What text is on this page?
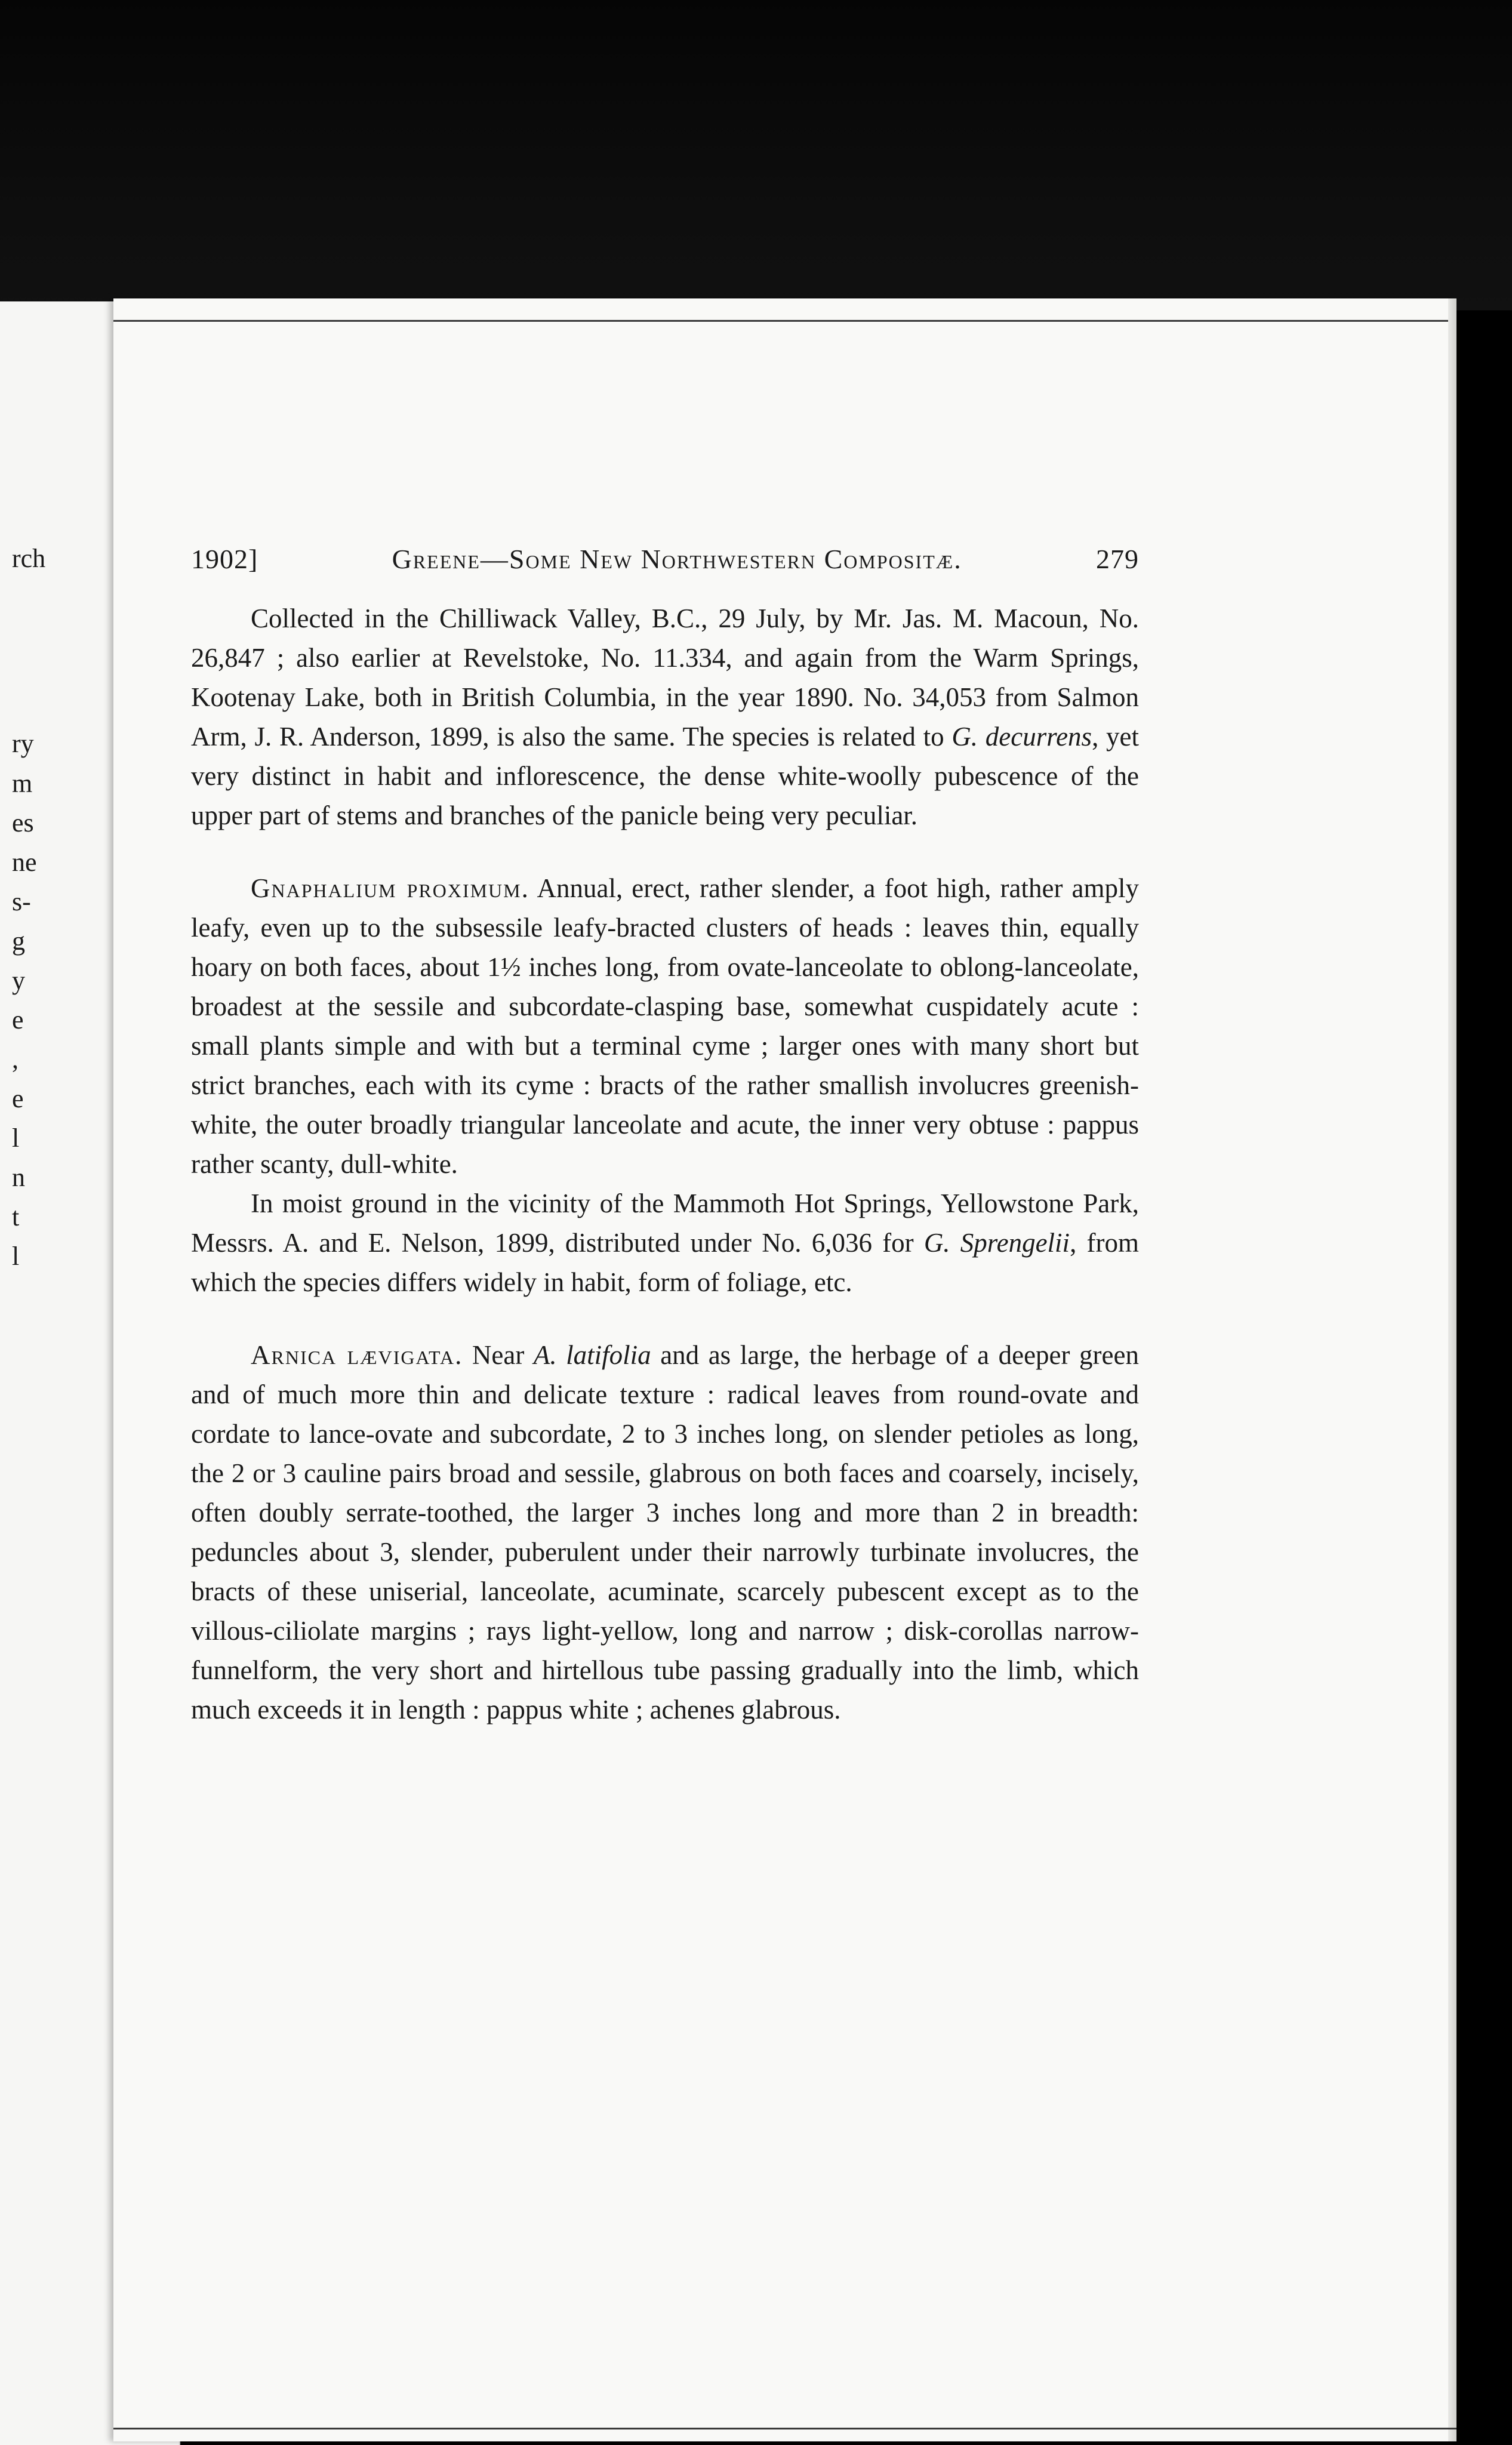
rch
ry
m
es
ne
s-
g
y
e
,
e
l
n
t
l
1902]	Greene—Some New Northwestern Compositæ.	279

Collected in the Chilliwack Valley, B.C., 29 July, by Mr. Jas. M. Macoun, No. 26,847 ; also earlier at Revelstoke, No. 11.334, and again from the Warm Springs, Kootenay Lake, both in British Columbia, in the year 1890. No. 34,053 from Salmon Arm, J. R. Anderson, 1899, is also the same. The species is related to G. decurrens, yet very distinct in habit and inflorescence, the dense white-woolly pubescence of the upper part of stems and branches of the panicle being very peculiar.

Gnaphalium proximum. Annual, erect, rather slender, a foot high, rather amply leafy, even up to the subsessile leafy-bracted clusters of heads : leaves thin, equally hoary on both faces, about 1½ inches long, from ovate-lanceolate to oblong-lanceolate, broadest at the sessile and subcordate-clasping base, somewhat cuspidately acute : small plants simple and with but a terminal cyme ; larger ones with many short but strict branches, each with its cyme : bracts of the rather smallish involucres greenish-white, the outer broadly triangular lanceolate and acute, the inner very obtuse : pappus rather scanty, dull-white.

In moist ground in the vicinity of the Mammoth Hot Springs, Yellowstone Park, Messrs. A. and E. Nelson, 1899, distributed under No. 6,036 for G. Sprengelii, from which the species differs widely in habit, form of foliage, etc.

Arnica lævigata. Near A. latifolia and as large, the herbage of a deeper green and of much more thin and delicate texture : radical leaves from round-ovate and cordate to lance-ovate and subcordate, 2 to 3 inches long, on slender petioles as long, the 2 or 3 cauline pairs broad and sessile, glabrous on both faces and coarsely, incisely, often doubly serrate-toothed, the larger 3 inches long and more than 2 in breadth: peduncles about 3, slender, puberulent under their narrowly turbinate involucres, the bracts of these uniserial, lanceolate, acuminate, scarcely pubescent except as to the villous-ciliolate margins ; rays light-yellow, long and narrow ; disk-corollas narrow-funnelform, the very short and hirtellous tube passing gradually into the limb, which much exceeds it in length : pappus white ; achenes glabrous.
